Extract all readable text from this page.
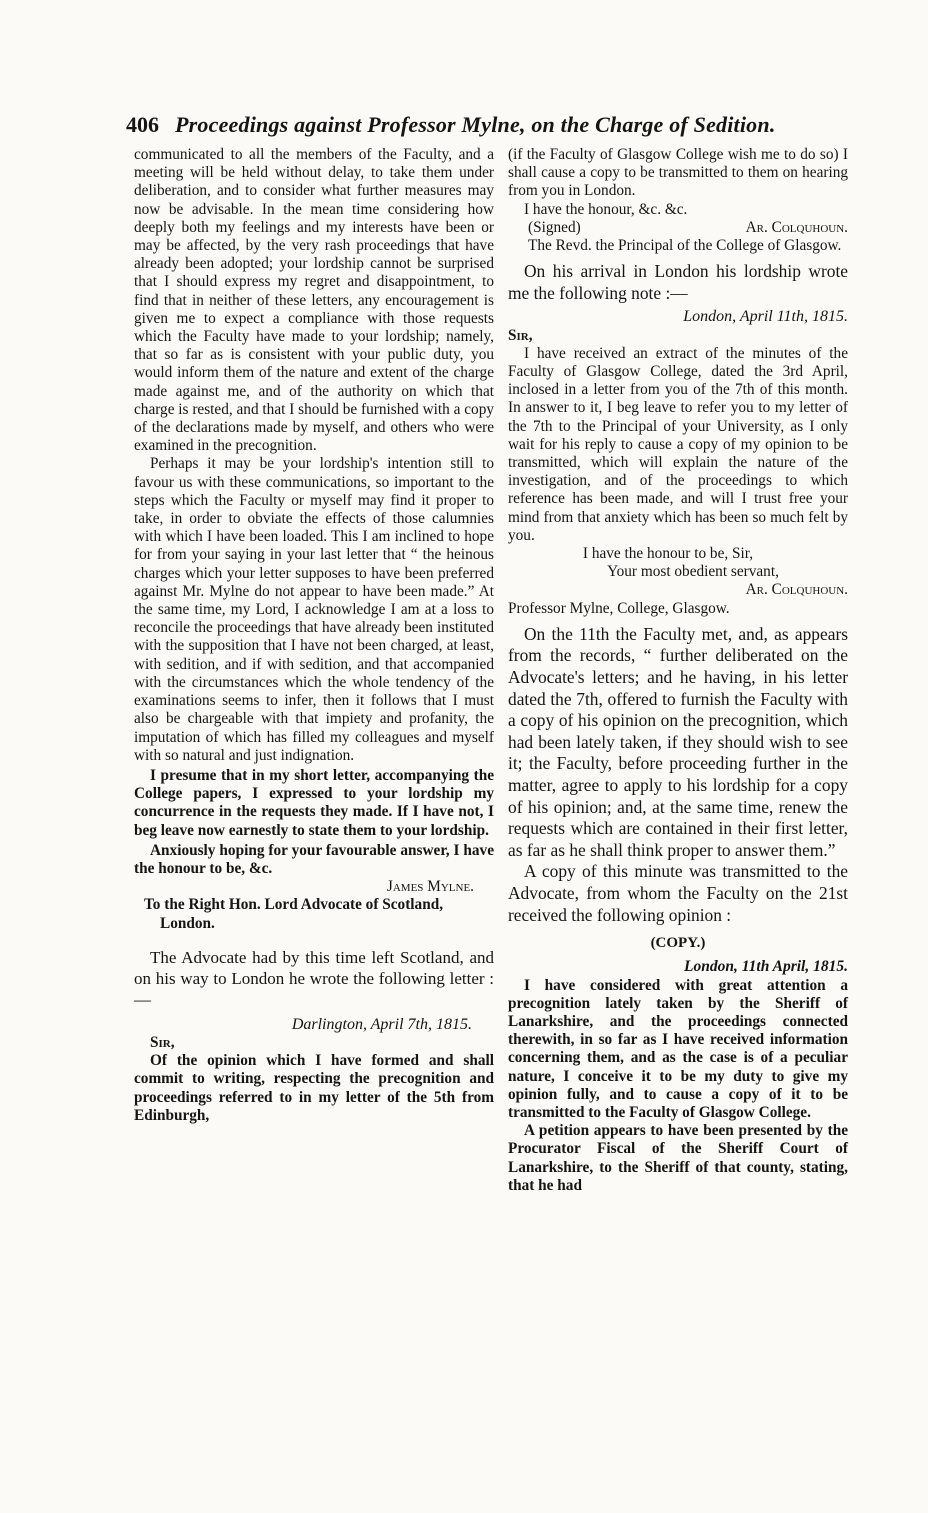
406 Proceedings against Professor Mylne, on the Charge of Sedition.

communicated to all the members of the Faculty, and a meeting will be held without delay, to take them under deliberation, and to consider what further measures may now be advisable. In the mean time considering how deeply both my feelings and my interests have been or may be affected, by the very rash proceedings that have already been adopted; your lordship cannot be surprised that I should express my regret and disappointment, to find that in neither of these letters, any encouragement is given me to expect a compliance with those requests which the Faculty have made to your lordship; namely, that so far as is consistent with your public duty, you would inform them of the nature and extent of the charge made against me, and of the authority on which that charge is rested, and that I should be furnished with a copy of the declarations made by myself, and others who were examined in the precognition.

Perhaps it may be your lordship's intention still to favour us with these communications, so important to the steps which the Faculty or myself may find it proper to take, in order to obviate the effects of those calumnies with which I have been loaded. This I am inclined to hope for from your saying in your last letter that “ the heinous charges which your letter supposes to have been preferred against Mr. Mylne do not appear to have been made.” At the same time, my Lord, I acknowledge I am at a loss to reconcile the proceedings that have already been instituted with the supposition that I have not been charged, at least, with sedition, and if with sedition, and that accompanied with the circumstances which the whole tendency of the examinations seems to infer, then it follows that I must also be chargeable with that impiety and profanity, the imputation of which has filled my colleagues and myself with so natural and just indignation.

I presume that in my short letter, accompanying the College papers, I expressed to your lordship my concurrence in the requests they made. If I have not, I beg leave now earnestly to state them to your lordship.

Anxiously hoping for your favourable answer, I have the honour to be, &c.

James Mylne.

To the Right Hon. Lord Advocate of Scotland, London.

The Advocate had by this time left Scotland, and on his way to London he wrote the following letter :—

Darlington, April 7th, 1815.

Sir,

Of the opinion which I have formed and shall commit to writing, respecting the precognition and proceedings referred to in my letter of the 5th from Edinburgh,

(if the Faculty of Glasgow College wish me to do so) I shall cause a copy to be transmitted to them on hearing from you in London.

I have the honour, &c. &c.

(Signed)	Ar. Colquhoun.

The Revd. the Principal of the College of Glasgow.

On his arrival in London his lordship wrote me the following note :—

London, April 11th, 1815.

Sir,

I have received an extract of the minutes of the Faculty of Glasgow College, dated the 3rd April, inclosed in a letter from you of the 7th of this month. In answer to it, I beg leave to refer you to my letter of the 7th to the Principal of your University, as I only wait for his reply to cause a copy of my opinion to be transmitted, which will explain the nature of the investigation, and of the proceedings to which reference has been made, and will I trust free your mind from that anxiety which has been so much felt by you.

I have the honour to be, Sir,

Your most obedient servant,

Ar. Colquhoun.

Professor Mylne, College, Glasgow.

On the 11th the Faculty met, and, as appears from the records, “ further deliberated on the Advocate's letters; and he having, in his letter dated the 7th, offered to furnish the Faculty with a copy of his opinion on the precognition, which had been lately taken, if they should wish to see it; the Faculty, before proceeding further in the matter, agree to apply to his lordship for a copy of his opinion; and, at the same time, renew the requests which are contained in their first letter, as far as he shall think proper to answer them.”

A copy of this minute was transmitted to the Advocate, from whom the Faculty on the 21st received the following opinion :

(COPY.)

London, 11th April, 1815.

I have considered with great attention a precognition lately taken by the Sheriff of Lanarkshire, and the proceedings connected therewith, in so far as I have received information concerning them, and as the case is of a peculiar nature, I conceive it to be my duty to give my opinion fully, and to cause a copy of it to be transmitted to the Faculty of Glasgow College.

A petition appears to have been presented by the Procurator Fiscal of the Sheriff Court of Lanarkshire, to the Sheriff of that county, stating, that he had
